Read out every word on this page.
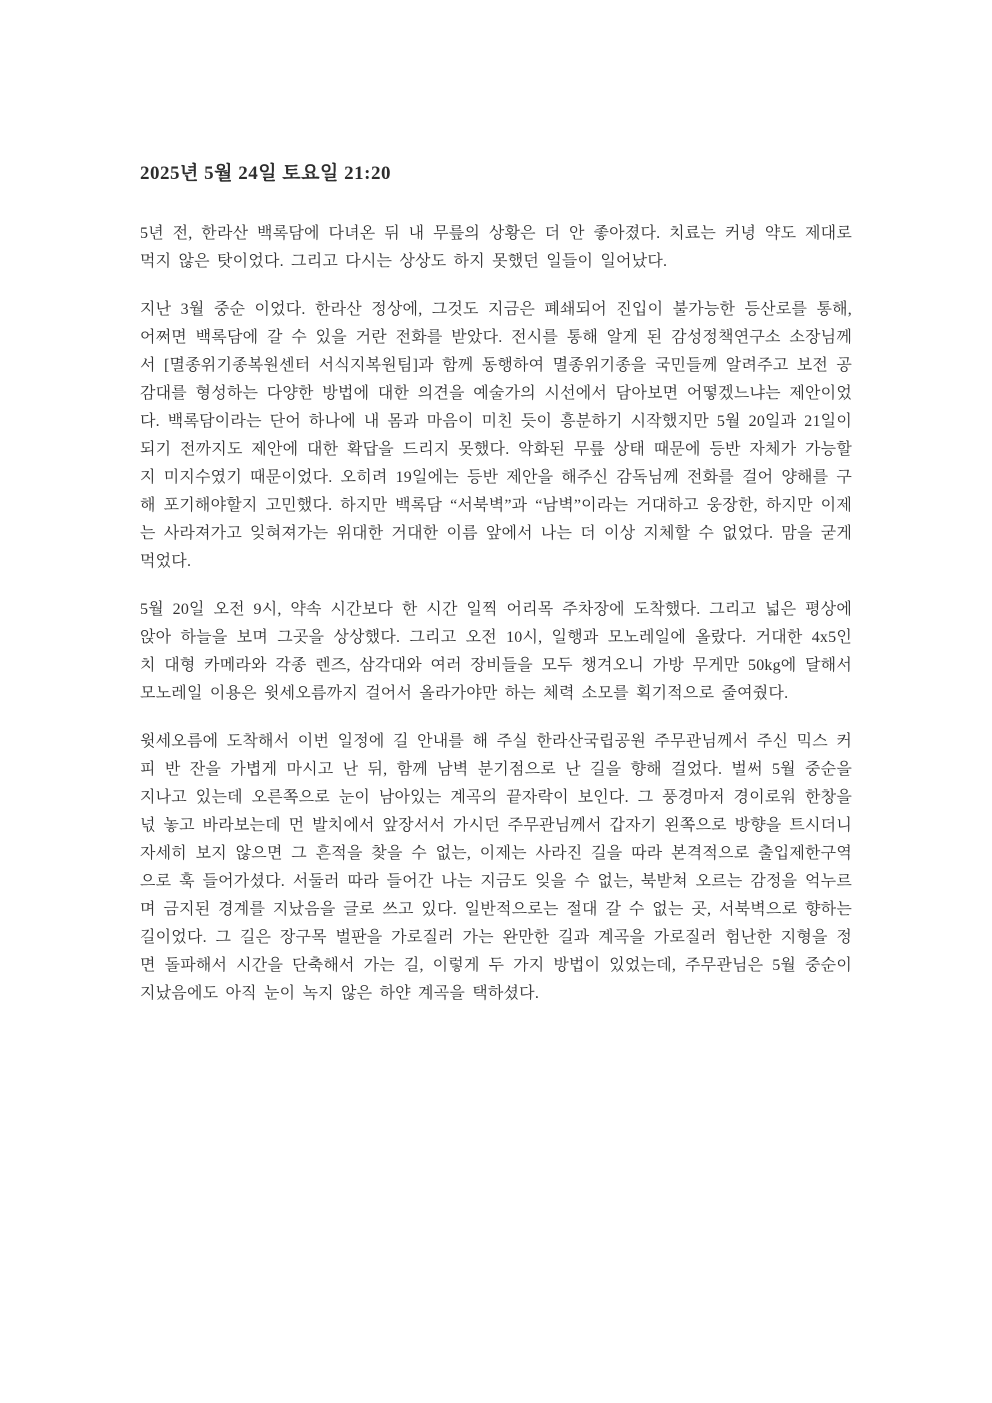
2025년 5월 24일 토요일 21:20

5년 전, 한라산 백록담에 다녀온 뒤 내 무릎의 상황은 더 안 좋아졌다. 치료는 커녕 약도 제대로
먹지 않은 탓이었다. 그리고 다시는 상상도 하지 못했던 일들이 일어났다.

지난 3월 중순 이었다. 한라산 정상에, 그것도 지금은 폐쇄되어 진입이 불가능한 등산로를 통해,
어쩌면 백록담에 갈 수 있을 거란 전화를 받았다. 전시를 통해 알게 된 감성정책연구소 소장님께
서 [멸종위기종복원센터 서식지복원팀]과 함께 동행하여 멸종위기종을 국민들께 알려주고 보전 공
감대를 형성하는 다양한 방법에 대한 의견을 예술가의 시선에서 담아보면 어떻겠느냐는 제안이었
다. 백록담이라는 단어 하나에 내 몸과 마음이 미친 듯이 흥분하기 시작했지만 5월 20일과 21일이
되기 전까지도 제안에 대한 확답을 드리지 못했다. 악화된 무릎 상태 때문에 등반 자체가 가능할
지 미지수였기 때문이었다. 오히려 19일에는 등반 제안을 해주신 감독님께 전화를 걸어 양해를 구
해 포기해야할지 고민했다. 하지만 백록담 “서북벽”과 “남벽”이라는 거대하고 웅장한, 하지만 이제
는 사라져가고 잊혀져가는 위대한 거대한 이름 앞에서 나는 더 이상 지체할 수 없었다. 맘을 굳게
먹었다.

5월 20일 오전 9시, 약속 시간보다 한 시간 일찍 어리목 주차장에 도착했다. 그리고 넓은 평상에
앉아 하늘을 보며 그곳을 상상했다. 그리고 오전 10시, 일행과 모노레일에 올랐다. 거대한 4x5인
치 대형 카메라와 각종 렌즈, 삼각대와 여러 장비들을 모두 챙겨오니 가방 무게만 50kg에 달해서
모노레일 이용은 윗세오름까지 걸어서 올라가야만 하는 체력 소모를 획기적으로 줄여줬다.

윗세오름에 도착해서 이번 일정에 길 안내를 해 주실 한라산국립공원 주무관님께서 주신 믹스 커
피 반 잔을 가볍게 마시고 난 뒤, 함께 남벽 분기점으로 난 길을 향해 걸었다. 벌써 5월 중순을
지나고 있는데 오른쪽으로 눈이 남아있는 계곡의 끝자락이 보인다. 그 풍경마저 경이로워 한창을
넋 놓고 바라보는데 먼 발치에서 앞장서서 가시던 주무관님께서 갑자기 왼쪽으로 방향을 트시더니
자세히 보지 않으면 그 흔적을 찾을 수 없는, 이제는 사라진 길을 따라 본격적으로 출입제한구역
으로 훅 들어가셨다. 서둘러 따라 들어간 나는 지금도 잊을 수 없는, 북받쳐 오르는 감정을 억누르
며 금지된 경계를 지났음을 글로 쓰고 있다. 일반적으로는 절대 갈 수 없는 곳, 서북벽으로 향하는
길이었다. 그 길은 장구목 벌판을 가로질러 가는 완만한 길과 계곡을 가로질러 험난한 지형을 정
면 돌파해서 시간을 단축해서 가는 길, 이렇게 두 가지 방법이 있었는데, 주무관님은 5월 중순이
지났음에도 아직 눈이 녹지 않은 하얀 계곡을 택하셨다.
